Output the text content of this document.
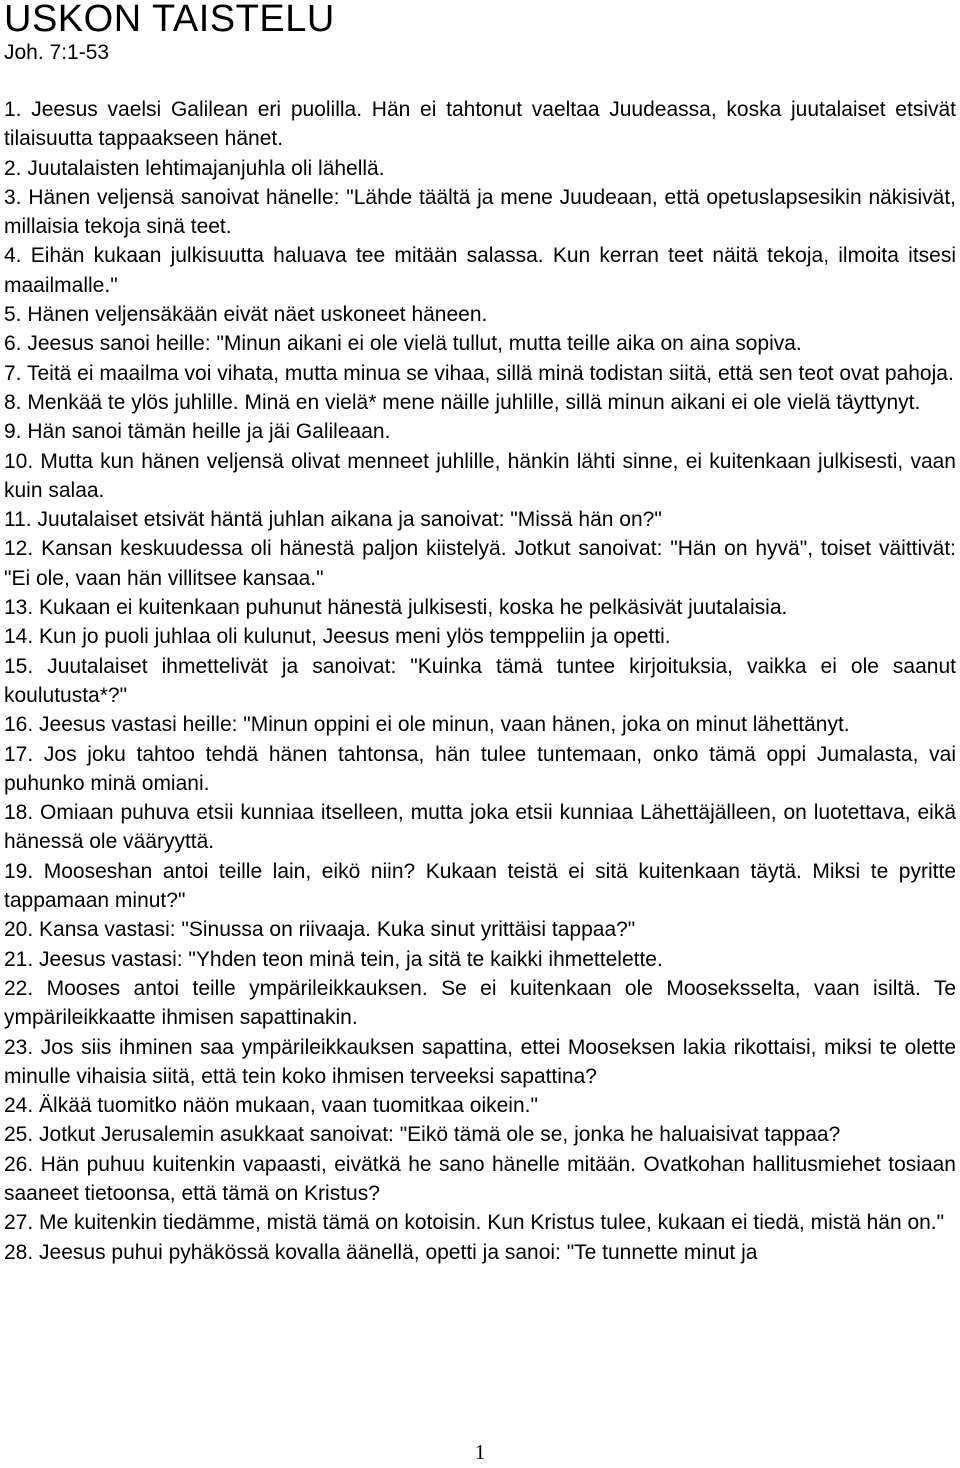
USKON TAISTELU

Joh. 7:1-53

1. Jeesus vaelsi Galilean eri puolilla. Hän ei tahtonut vaeltaa Juudeassa, koska juutalaiset etsivät tilaisuutta tappaakseen hänet.

2. Juutalaisten lehtimajanjuhla oli lähellä.

3. Hänen veljensä sanoivat hänelle: "Lähde täältä ja mene Juudeaan, että opetuslapsesikin näkisivät, millaisia tekoja sinä teet.

4. Eihän kukaan julkisuutta haluava tee mitään salassa. Kun kerran teet näitä tekoja, ilmoita itsesi maailmalle."

5. Hänen veljensäkään eivät näet uskoneet häneen.

6. Jeesus sanoi heille: "Minun aikani ei ole vielä tullut, mutta teille aika on aina sopiva.

7. Teitä ei maailma voi vihata, mutta minua se vihaa, sillä minä todistan siitä, että sen teot ovat pahoja.

8. Menkää te ylös juhlille. Minä en vielä* mene näille juhlille, sillä minun aikani ei ole vielä täyttynyt.

9. Hän sanoi tämän heille ja jäi Galileaan.

10. Mutta kun hänen veljensä olivat menneet juhlille, hänkin lähti sinne, ei kuitenkaan julkisesti, vaan kuin salaa.

11. Juutalaiset etsivät häntä juhlan aikana ja sanoivat: "Missä hän on?"

12. Kansan keskuudessa oli hänestä paljon kiistelyä. Jotkut sanoivat: "Hän on hyvä", toiset väittivät: "Ei ole, vaan hän villitsee kansaa."

13. Kukaan ei kuitenkaan puhunut hänestä julkisesti, koska he pelkäsivät juutalaisia.

14. Kun jo puoli juhlaa oli kulunut, Jeesus meni ylös temppeliin ja opetti.

15. Juutalaiset ihmettelivät ja sanoivat: "Kuinka tämä tuntee kirjoituksia, vaikka ei ole saanut koulutusta*?"

16. Jeesus vastasi heille: "Minun oppini ei ole minun, vaan hänen, joka on minut lähettänyt.

17. Jos joku tahtoo tehdä hänen tahtonsa, hän tulee tuntemaan, onko tämä oppi Jumalasta, vai puhunko minä omiani.

18. Omiaan puhuva etsii kunniaa itselleen, mutta joka etsii kunniaa Lähettäjälleen, on luotettava, eikä hänessä ole vääryyttä.

19. Mooseshan antoi teille lain, eikö niin? Kukaan teistä ei sitä kuitenkaan täytä. Miksi te pyritte tappamaan minut?"

20. Kansa vastasi: "Sinussa on riivaaja. Kuka sinut yrittäisi tappaa?"

21. Jeesus vastasi: "Yhden teon minä tein, ja sitä te kaikki ihmettelette.

22. Mooses antoi teille ympärileikkauksen. Se ei kuitenkaan ole Mooseksselta, vaan isiltä. Te ympärileikkaatte ihmisen sapattinakin.

23. Jos siis ihminen saa ympärileikkauksen sapattina, ettei Mooseksen lakia rikottaisi, miksi te olette minulle vihaisia siitä, että tein koko ihmisen terveeksi sapattina?

24. Älkää tuomitko näön mukaan, vaan tuomitkaa oikein."

25. Jotkut Jerusalemin asukkaat sanoivat: "Eikö tämä ole se, jonka he haluaisivat tappaa?

26. Hän puhuu kuitenkin vapaasti, eivätkä he sano hänelle mitään. Ovatkohan hallitusmiehet tosiaan saaneet tietoonsa, että tämä on Kristus?

27. Me kuitenkin tiedämme, mistä tämä on kotoisin. Kun Kristus tulee, kukaan ei tiedä, mistä hän on."

28. Jeesus puhui pyhäkössä kovalla äänellä, opetti ja sanoi: "Te tunnette minut ja

1
